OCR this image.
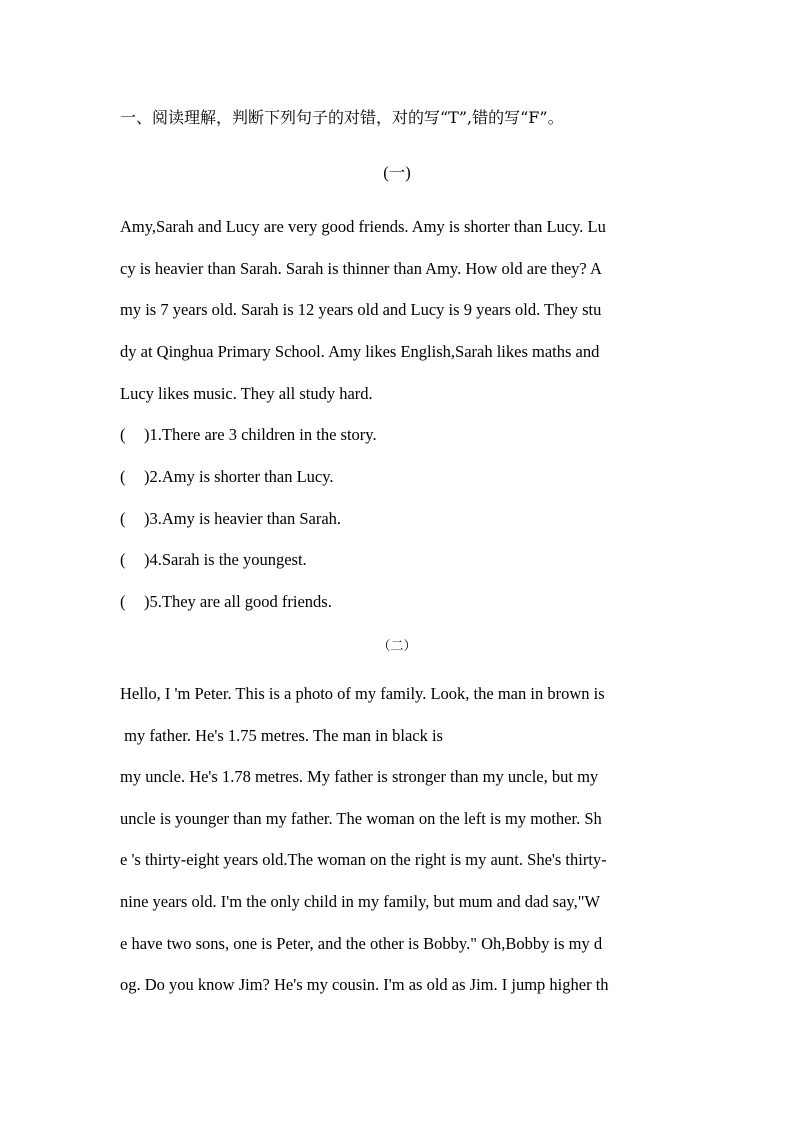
一、阅读理解，判断下列句子的对错，对的写“T”,错的写“F”。
(一)
Amy,Sarah and Lucy are very good friends. Amy is shorter than Lucy. Lu
cy is heavier than Sarah. Sarah is thinner than Amy. How old are they? A
my is 7 years old. Sarah is 12 years old and Lucy is 9 years old. They stu
dy at Qinghua Primary School. Amy likes English,Sarah likes maths and
Lucy likes music. They all study hard.
( )1.There are 3 children in the story.
( )2.Amy is shorter than Lucy.
( )3.Amy is heavier than Sarah.
( )4.Sarah is the youngest.
( )5.They are all good friends.
（二）
Hello, I 'm Peter. This is a photo of my family. Look, the man in brown is
my father. He's 1.75 metres. The man in black is
my uncle. He's 1.78 metres. My father is stronger than my uncle, but my
uncle is younger than my father. The woman on the left is my mother. Sh
e 's thirty-eight years old.The woman on the right is my aunt. She's thirty-
nine years old. I'm the only child in my family, but mum and dad say,"W
e have two sons, one is Peter, and the other is Bobby." Oh,Bobby is my d
og. Do you know Jim? He's my cousin. I'm as old as Jim. I jump higher th
